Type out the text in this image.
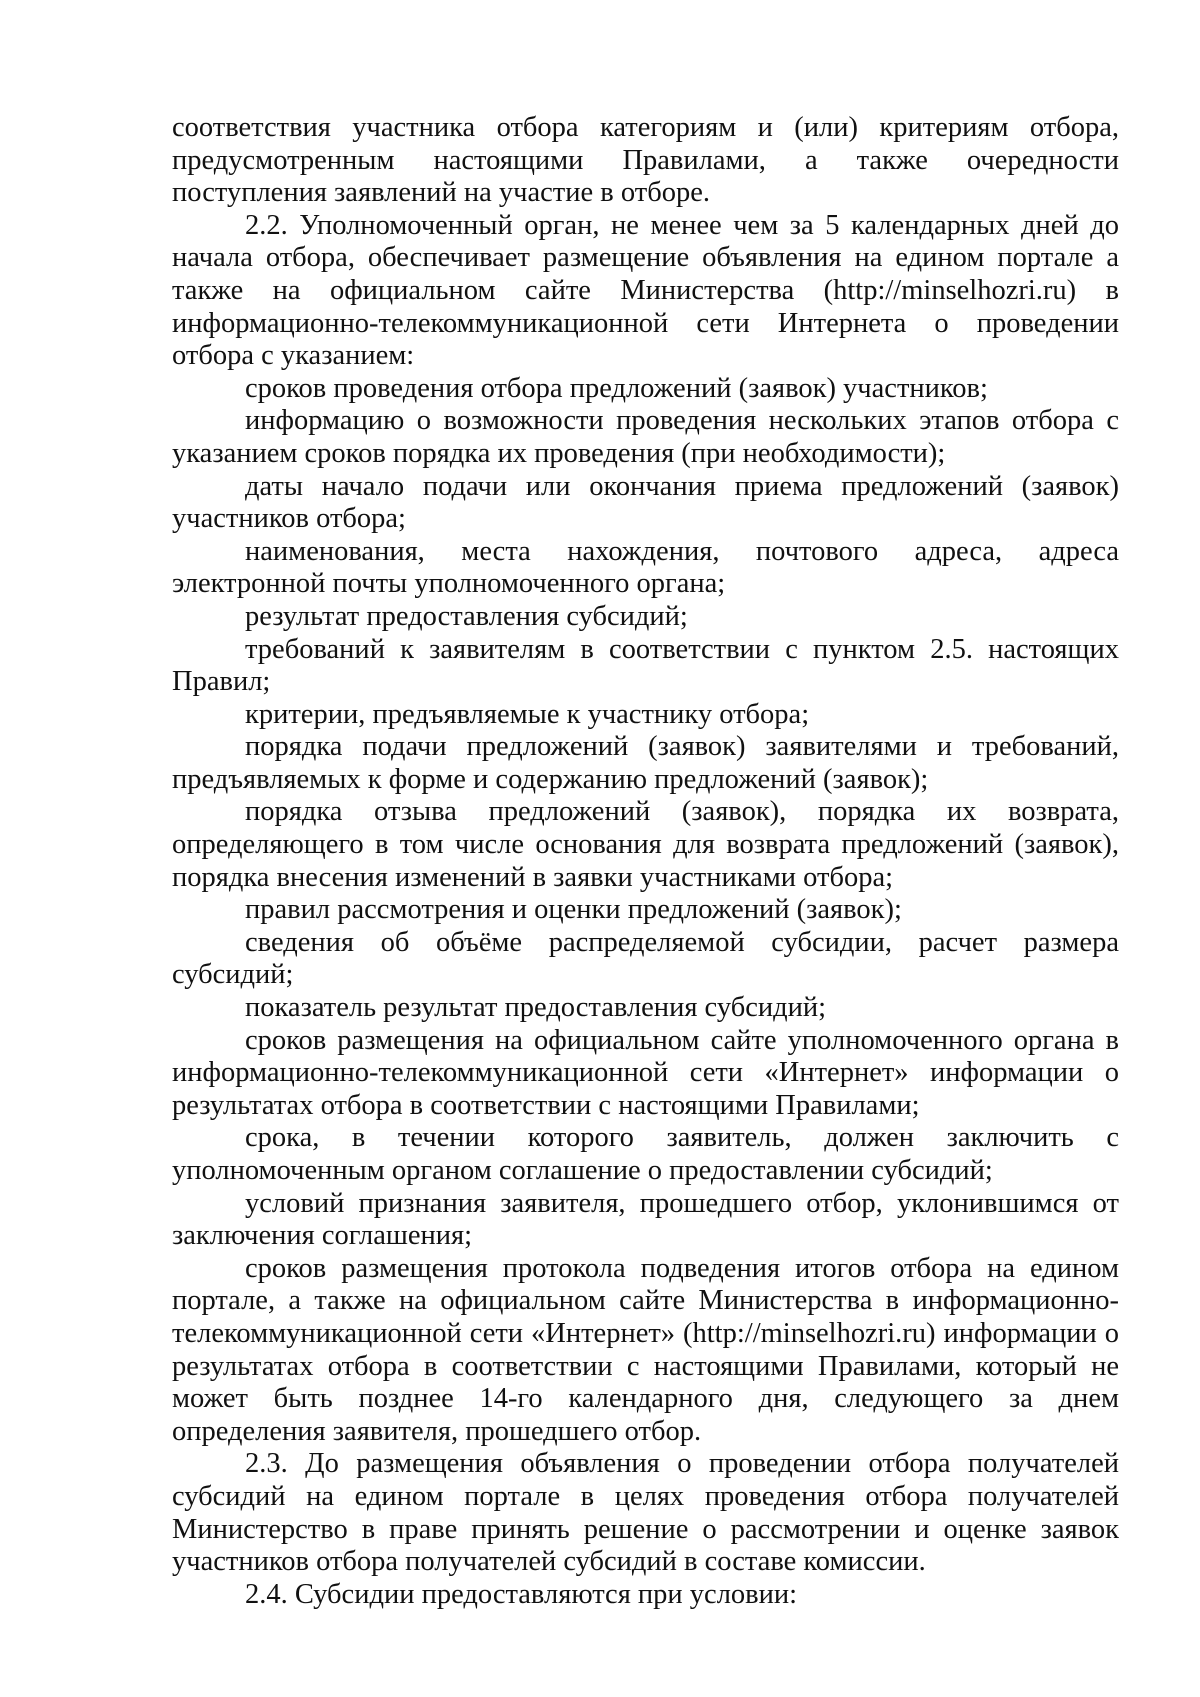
соответствия участника отбора категориям и (или) критериям отбора, предусмотренным настоящими Правилами, а также очередности поступления заявлений на участие в отборе.

2.2. Уполномоченный орган, не менее чем за 5 календарных дней до начала отбора, обеспечивает размещение объявления на едином портале а также на официальном сайте Министерства (http://minselhozri.ru) в информационно-телекоммуникационной сети Интернета о проведении отбора с указанием:

сроков проведения отбора предложений (заявок) участников;

информацию о возможности проведения нескольких этапов отбора с указанием сроков порядка их проведения (при необходимости);

даты начало подачи или окончания приема предложений (заявок) участников отбора;

наименования, места нахождения, почтового адреса, адреса электронной почты уполномоченного органа;

результат предоставления субсидий;

требований к заявителям в соответствии с пунктом 2.5. настоящих Правил;

критерии, предъявляемые к участнику отбора;

порядка подачи предложений (заявок) заявителями и требований, предъявляемых к форме и содержанию предложений (заявок);

порядка отзыва предложений (заявок), порядка их возврата, определяющего в том числе основания для возврата предложений (заявок), порядка внесения изменений в заявки участниками отбора;

правил рассмотрения и оценки предложений (заявок);

сведения об объёме распределяемой субсидии, расчет размера субсидий;

показатель результат предоставления субсидий;

сроков размещения на официальном сайте уполномоченного органа в информационно-телекоммуникационной сети «Интернет» информации о результатах отбора в соответствии с настоящими Правилами;

срока, в течении которого заявитель, должен заключить с уполномоченным органом соглашение о предоставлении субсидий;

условий признания заявителя, прошедшего отбор, уклонившимся от заключения соглашения;

сроков размещения протокола подведения итогов отбора на едином портале, а также на официальном сайте Министерства в информационно-телекоммуникационной сети «Интернет» (http://minselhozri.ru) информации о результатах отбора в соответствии с настоящими Правилами, который не может быть позднее 14-го календарного дня, следующего за днем определения заявителя, прошедшего отбор.

2.3. До размещения объявления о проведении отбора получателей субсидий на едином портале в целях проведения отбора получателей Министерство в праве принять решение о рассмотрении и оценке заявок участников отбора получателей субсидий в составе комиссии.

2.4. Субсидии предоставляются при условии:
